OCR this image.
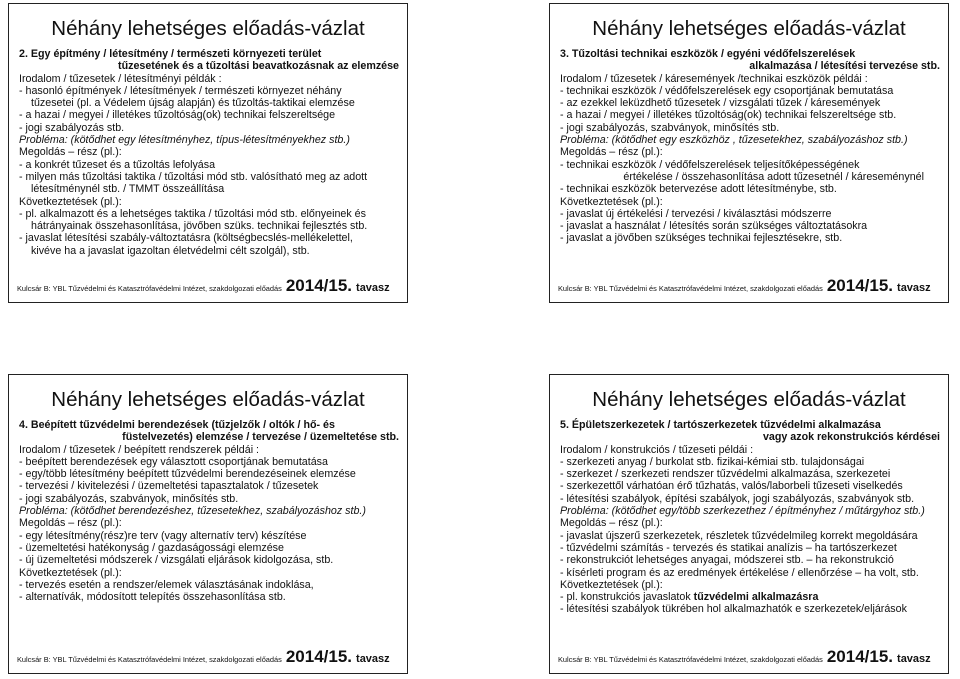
Néhány lehetséges előadás-vázlat
2. Egy építmény / létesítmény / természeti környezeti terület
tűzesetének és a tűzoltási beavatkozásnak az elemzése
Irodalom / tűzesetek / létesítményi példák :
- hasonló építmények / létesítmények / természeti környezet néhány
tűzesetei (pl. a Védelem újság alapján) és tűzoltás-taktikai elemzése
- a hazai / megyei / illetékes tűzoltóság(ok) technikai felszereltsége
- jogi szabályozás stb.
Probléma: (kötődhet egy létesítményhez, típus-létesítményekhez stb.)
Megoldás – rész (pl.):
- a konkrét tűzeset és a tűzoltás lefolyása
- milyen más tűzoltási taktika / tűzoltási mód stb. valósítható meg az adott
létesítménynél stb. / TMMT összeállítása
Következtetések (pl.):
- pl. alkalmazott és a lehetséges taktika / tűzoltási mód stb. előnyeinek és
hátrányainak összehasonlítása, jövőben szüks. technikai fejlesztés stb.
- javaslat létesítési szabály-változtatásra (költségbecslés-mellékelettel,
kivéve ha a javaslat igazoltan életvédelmi célt szolgál), stb.
Kulcsár B: YBL Tűzvédelmi és Katasztrófavédelmi Intézet, szakdolgozati előadás 2014/15. tavasz
Néhány lehetséges előadás-vázlat
3. Tűzoltási technikai eszközök / egyéni védőfelszerelések
alkalmazása / létesítési tervezése stb.
Irodalom / tűzesetek / káresemények /technikai eszközök példái :
- technikai eszközök / védőfelszerelések egy csoportjának bemutatása
- az ezekkel leküzdhető tűzesetek / vizsgálati tűzek / káresemények
- a hazai / megyei / illetékes tűzoltóság(ok) technikai felszereltsége stb.
- jogi szabályozás, szabványok, minősítés stb.
Probléma: (kötődhet egy eszközhöz , tűzesetekhez, szabályozáshoz stb.)
Megoldás – rész (pl.):
- technikai eszközök / védőfelszerelések teljesítőképességének
értékelése / összehasonlítása adott tűzesetnél / káreseménynél
- technikai eszközök betervezése adott létesítménybe, stb.
Következtetések (pl.):
- javaslat új értékelési / tervezési / kiválasztási módszerre
- javaslat a használat / létesítés során szükséges változtatásokra
- javaslat a jövőben szükséges technikai fejlesztésekre, stb.
Kulcsár B: YBL Tűzvédelmi és Katasztrófavédelmi Intézet, szakdolgozati előadás 2014/15. tavasz
Néhány lehetséges előadás-vázlat
4. Beépített tűzvédelmi berendezések (tűzjelzők / oltók / hő- és
füstelvezetés) elemzése / tervezése / üzemeltetése stb.
Irodalom / tűzesetek / beépített rendszerek példái :
- beépített berendezések egy választott csoportjának bemutatása
- egy/több létesítmény beépített tűzvédelmi berendezéseinek elemzése
- tervezési / kivitelezési / üzemeltetési tapasztalatok / tűzesetek
- jogi szabályozás, szabványok, minősítés stb.
Probléma: (kötődhet berendezéshez, tűzesetekhez, szabályozáshoz stb.)
Megoldás – rész (pl.):
- egy létesítmény(rész)re terv (vagy alternatív terv) készítése
- üzemeltetési hatékonyság / gazdaságossági elemzése
- új üzemeltetési módszerek / vizsgálati eljárások kidolgozása, stb.
Következtetések (pl.):
- tervezés esetén a rendszer/elemek választásának indoklása,
- alternatívák, módosított telepítés összehasonlítása stb.
Kulcsár B: YBL Tűzvédelmi és Katasztrófavédelmi Intézet, szakdolgozati előadás 2014/15. tavasz
Néhány lehetséges előadás-vázlat
5. Épületszerkezetek / tartószerkezetek tűzvédelmi alkalmazása
vagy azok rekonstrukciós kérdései
Irodalom / konstrukciós / tűzeseti példái :
- szerkezeti anyag / burkolat stb. fizikai-kémiai stb. tulajdonságai
- szerkezet / szerkezeti rendszer tűzvédelmi alkalmazása, szerkezetei
- szerkezettől várhatóan érő tűzhatás, valós/laborbeli tűzeseti viselkedés
- létesítési szabályok, építési szabályok, jogi szabályozás, szabványok stb.
Probléma: (kötődhet egy/több szerkezethez / építményhez / műtárgyhoz stb.)
Megoldás – rész (pl.):
- javaslat újszerű szerkezetek, részletek tűzvédelmileg korrekt megoldására
- tűzvédelmi számítás - tervezés és statikai analízis – ha tartószerkezet
- rekonstrukciót lehetséges anyagai, módszerei stb. – ha rekonstrukció
- kísérleti program és az eredmények értékelése / ellenőrzése – ha volt, stb.
Következtetések (pl.):
- pl. konstrukciós javaslatok tűzvédelmi alkalmazásra
- létesítési szabályok tükrében hol alkalmazhatók e szerkezetek/eljárások
Kulcsár B: YBL Tűzvédelmi és Katasztrófavédelmi Intézet, szakdolgozati előadás 2014/15. tavasz
